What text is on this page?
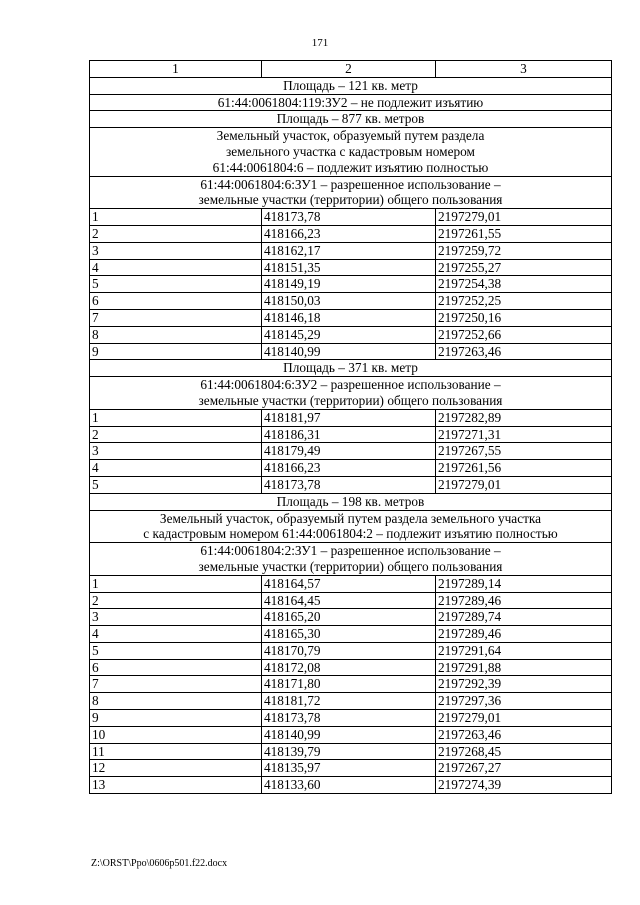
171
1	2	3
Площадь – 121 кв. метр		
61:44:0061804:119:ЗУ2 – не подлежит изъятию		
Площадь – 877 кв. метров		

Земельный участок, образуемый путем раздела
земельного участка с кадастровым номером
61:44:0061804:6 – подлежит изъятию полностью		

61:44:0061804:6:ЗУ1 – разрешенное использование –
земельные участки (территории) общего пользования		

1	418173,78	2197279,01
2	418166,23	2197261,55
3	418162,17	2197259,72
4	418151,35	2197255,27
5	418149,19	2197254,38
6	418150,03	2197252,25
7	418146,18	2197250,16
8	418145,29	2197252,66
9	418140,99	2197263,46
Площадь – 371 кв. метр		

61:44:0061804:6:ЗУ2 – разрешенное использование –
земельные участки (территории) общего пользования		

1	418181,97	2197282,89
2	418186,31	2197271,31
3	418179,49	2197267,55
4	418166,23	2197261,56
5	418173,78	2197279,01
Площадь – 198 кв. метров		

Земельный участок, образуемый путем раздела земельного участка
с кадастровым номером 61:44:0061804:2 – подлежит изъятию полностью		

61:44:0061804:2:ЗУ1 – разрешенное использование –
земельные участки (территории) общего пользования		

1	418164,57	2197289,14
2	418164,45	2197289,46
3	418165,20	2197289,74
4	418165,30	2197289,46
5	418170,79	2197291,64
6	418172,08	2197291,88
7	418171,80	2197292,39
8	418181,72	2197297,36
9	418173,78	2197279,01
10	418140,99	2197263,46
11	418139,79	2197268,45
12	418135,97	2197267,27
13	418133,60	2197274,39
Z:\ORST\Ppo\0606p501.f22.docx
